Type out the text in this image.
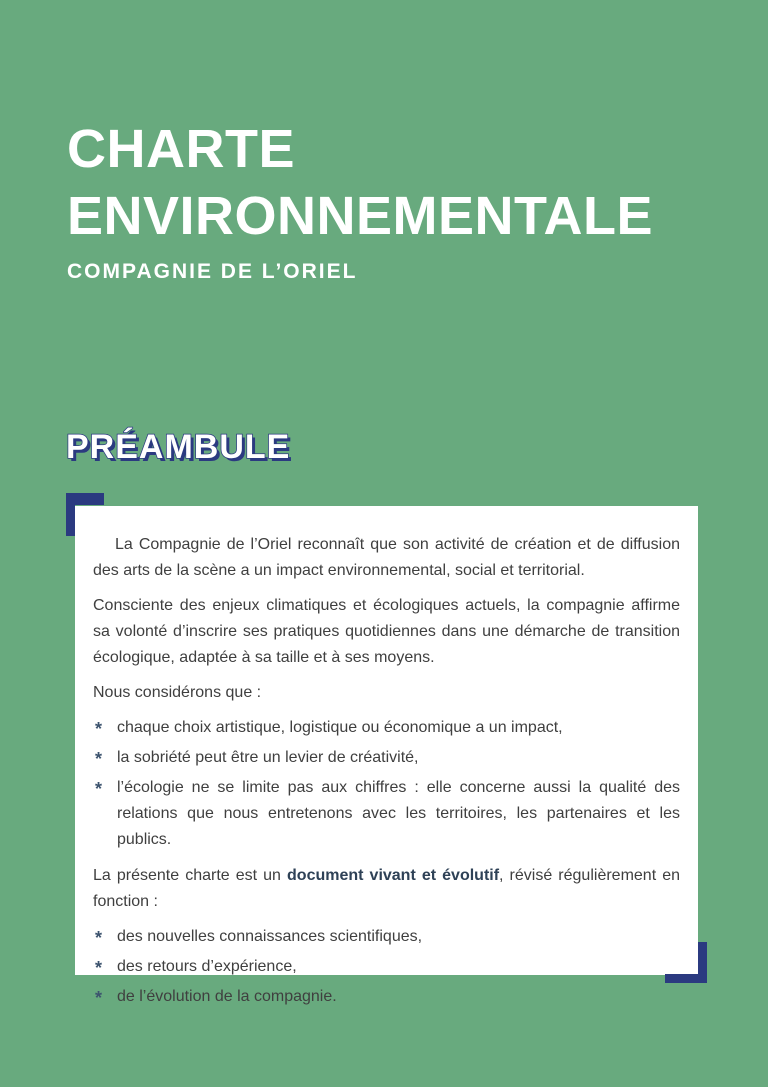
CHARTE
ENVIRONNEMENTALE
COMPAGNIE DE L’ORIEL
PRÉAMBULE

La Compagnie de l’Oriel reconnaît que son activité de création et de diffusion des arts de la scène a un impact environnemental, social et territorial.

Consciente des enjeux climatiques et écologiques actuels, la compagnie affirme sa volonté d’inscrire ses pratiques quotidiennes dans une démarche de transition écologique, adaptée à sa taille et à ses moyens.

Nous considérons que :

* chaque choix artistique, logistique ou économique a un impact,
* la sobriété peut être un levier de créativité,
* l’écologie ne se limite pas aux chiffres : elle concerne aussi la qualité des relations que nous entretenons avec les territoires, les partenaires et les publics.

La présente charte est un document vivant et évolutif, révisé régulièrement en fonction :

* des nouvelles connaissances scientifiques,
* des retours d’expérience,
* de l’évolution de la compagnie.
